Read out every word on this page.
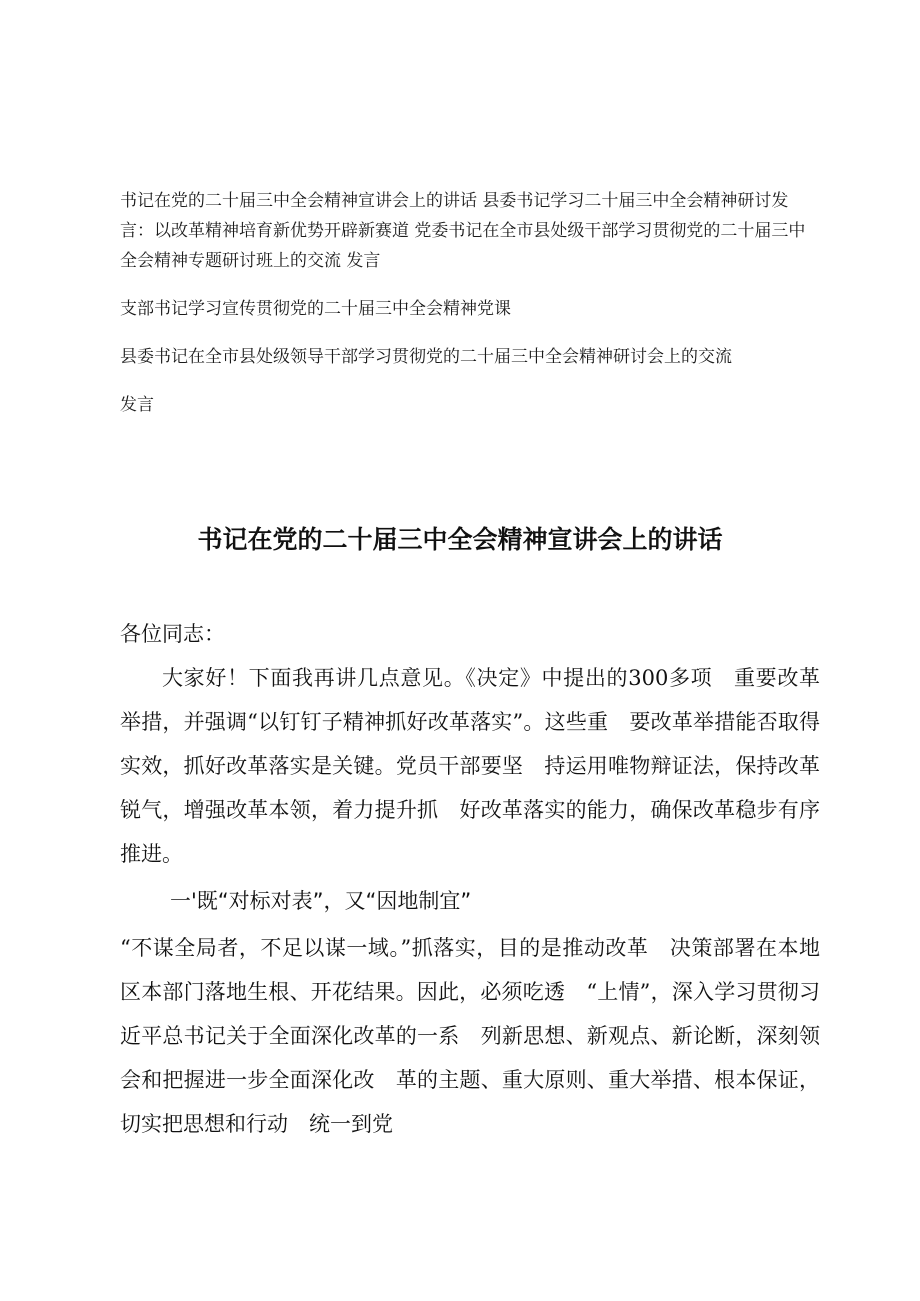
书记在党的二十届三中全会精神宣讲会上的讲话 县委书记学习二十届三中全会精神研讨发言：以改革精神培育新优势开辟新赛道 党委书记在全市县处级干部学习贯彻党的二十届三中全会精神专题研讨班上的交流 发言

支部书记学习宣传贯彻党的二十届三中全会精神党课

县委书记在全市县处级领导干部学习贯彻党的二十届三中全会精神研讨会上的交流

发言

书记在党的二十届三中全会精神宣讲会上的讲话

各位同志：

大家好！下面我再讲几点意见。《决定》中提出的300多项　重要改革举措，并强调“以钉钉子精神抓好改革落实”。这些重　要改革举措能否取得实效，抓好改革落实是关键。党员干部要坚　持运用唯物辩证法，保持改革锐气，增强改革本领，着力提升抓　好改革落实的能力，确保改革稳步有序推进。

一'既“对标对表”，又“因地制宜”

“不谋全局者，不足以谋一域。”抓落实，目的是推动改革　决策部署在本地区本部门落地生根、开花结果。因此，必须吃透　“上情”，深入学习贯彻习近平总书记关于全面深化改革的一系　列新思想、新观点、新论断，深刻领会和把握进一步全面深化改　革的主题、重大原则、重大举措、根本保证，切实把思想和行动　统一到党
